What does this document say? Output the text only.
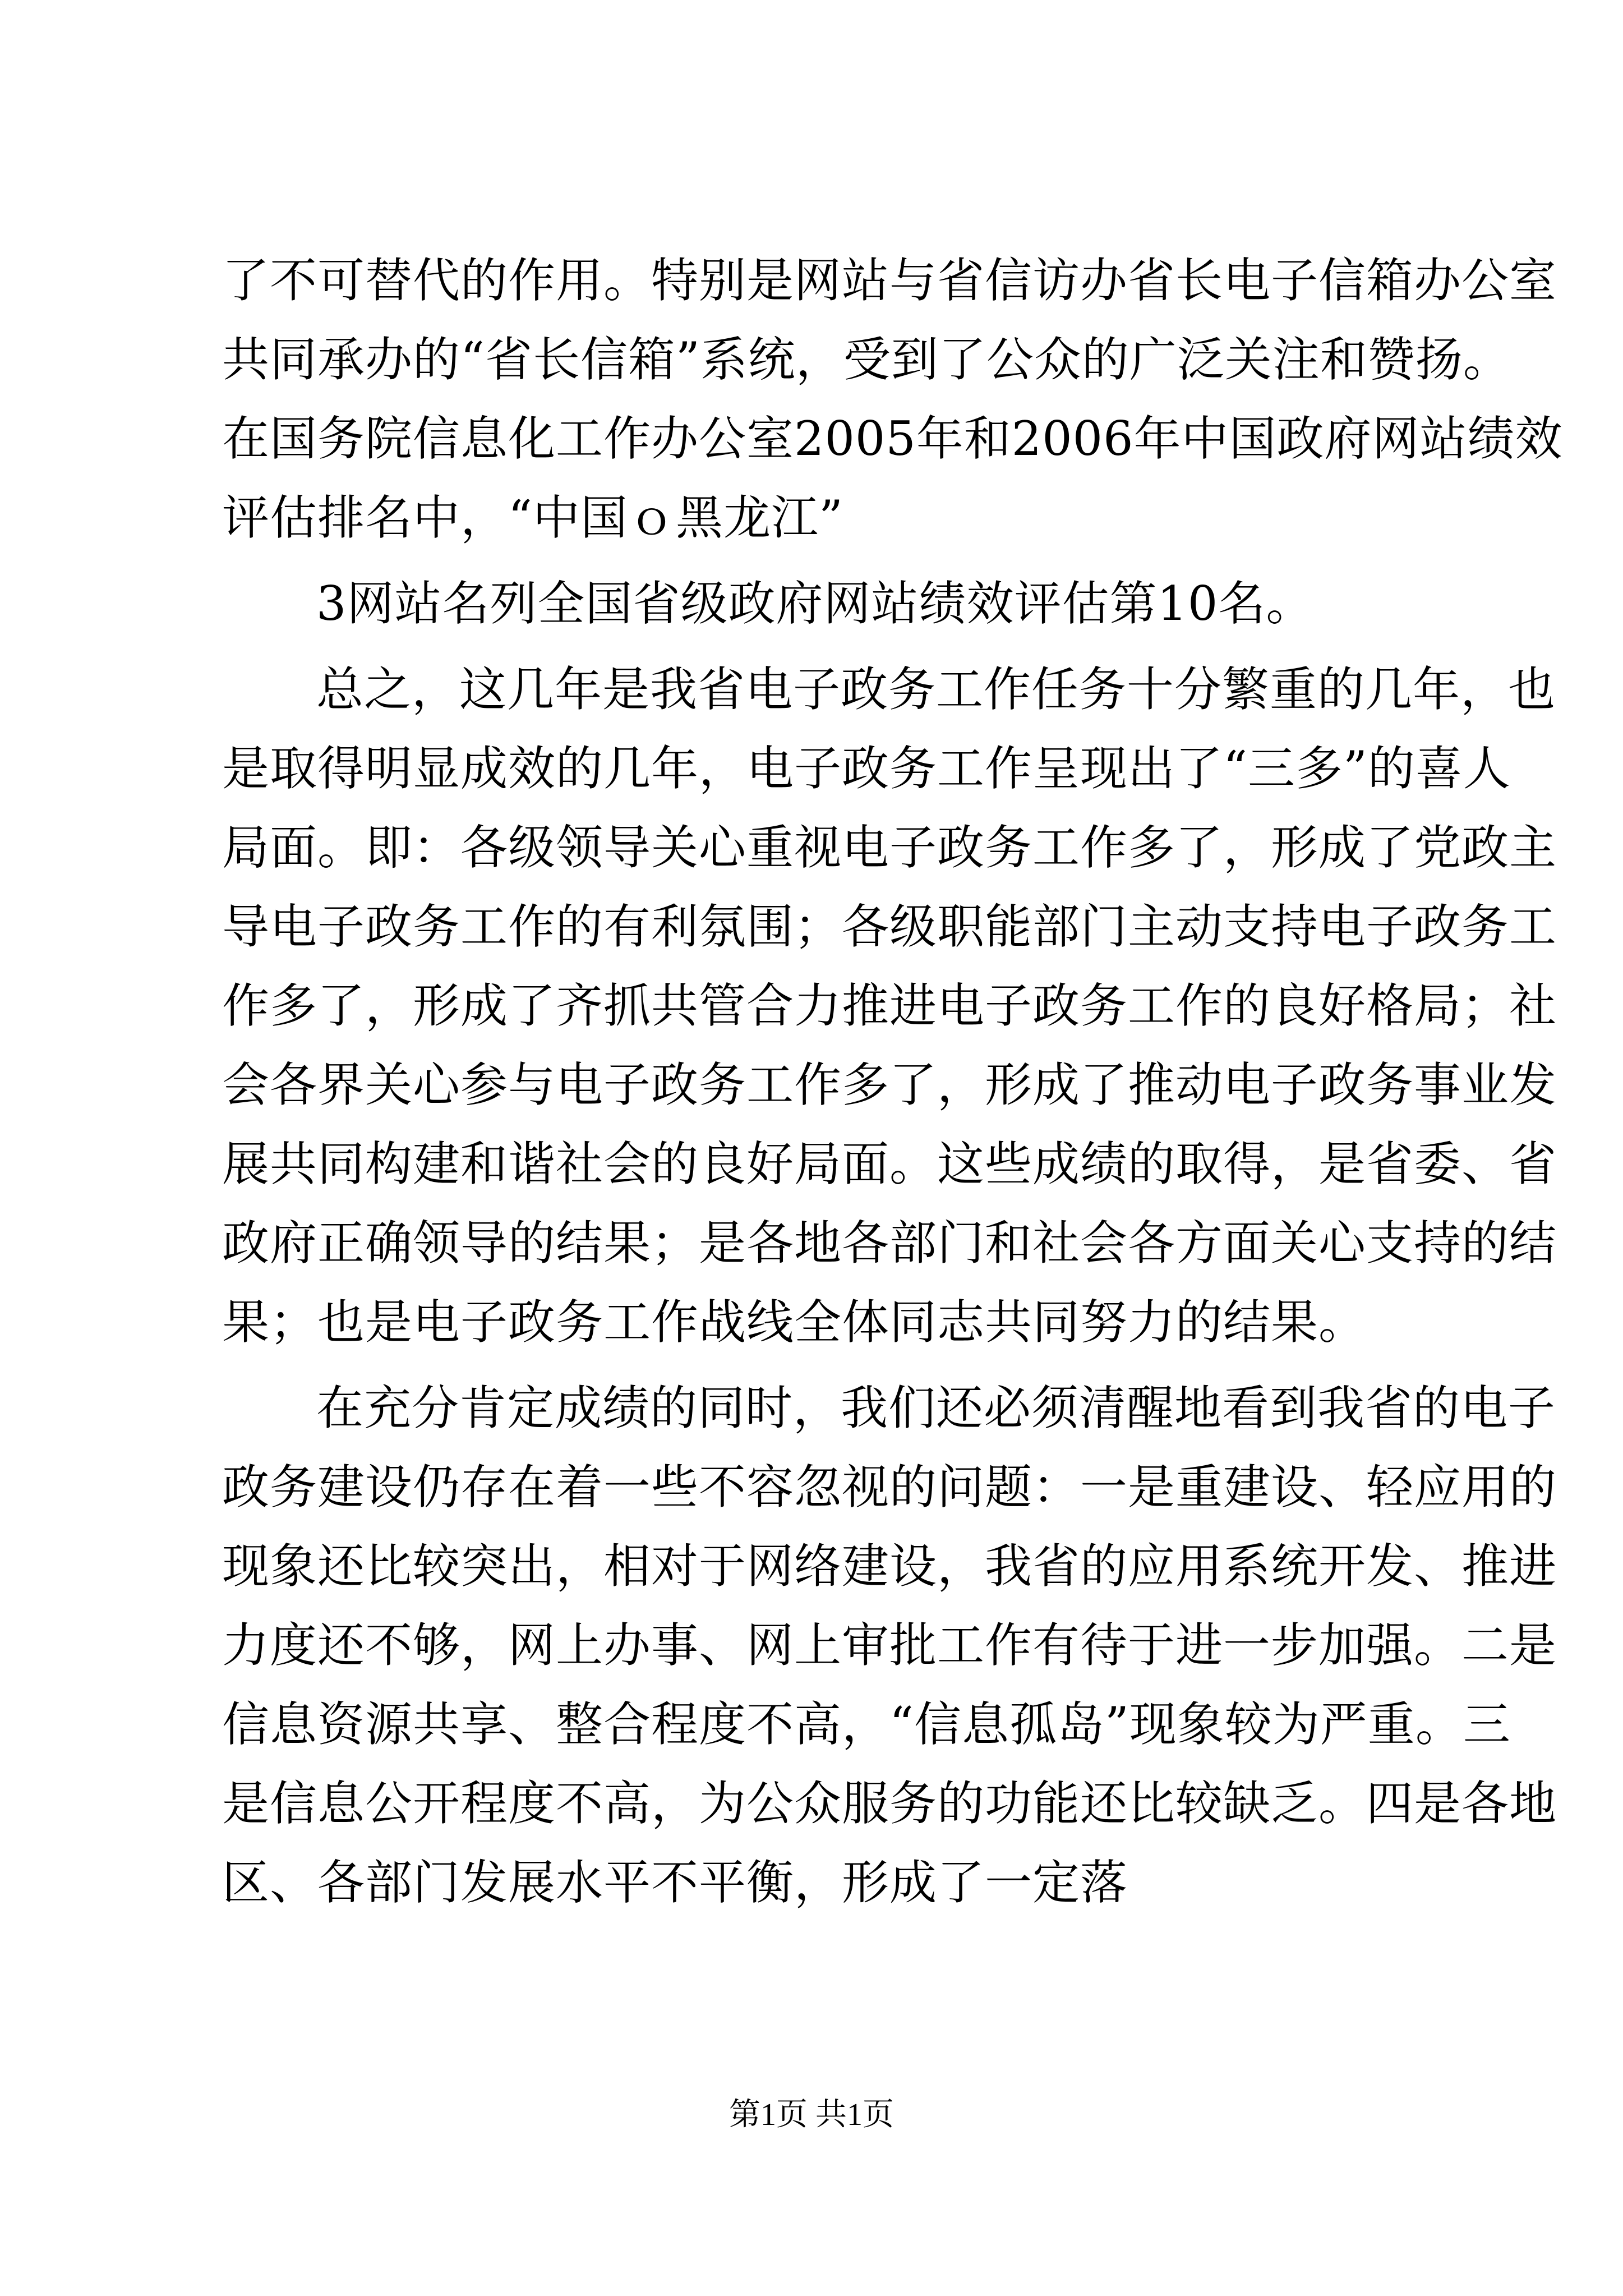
了不可替代的作用。特别是网站与省信访办省长电子信箱办公室
共同承办的“省长信箱”系统，受到了公众的广泛关注和赞扬。
在国务院信息化工作办公室2005年和2006年中国政府网站绩效
评估排名中，“中国ｏ黑龙江”
3网站名列全国省级政府网站绩效评估第10名。
总之，这几年是我省电子政务工作任务十分繁重的几年，也
是取得明显成效的几年，电子政务工作呈现出了“三多”的喜人
局面。即：各级领导关心重视电子政务工作多了，形成了党政主
导电子政务工作的有利氛围；各级职能部门主动支持电子政务工
作多了，形成了齐抓共管合力推进电子政务工作的良好格局；社
会各界关心参与电子政务工作多了，形成了推动电子政务事业发
展共同构建和谐社会的良好局面。这些成绩的取得，是省委、省
政府正确领导的结果；是各地各部门和社会各方面关心支持的结
果；也是电子政务工作战线全体同志共同努力的结果。
在充分肯定成绩的同时，我们还必须清醒地看到我省的电子
政务建设仍存在着一些不容忽视的问题：一是重建设、轻应用的
现象还比较突出，相对于网络建设，我省的应用系统开发、推进
力度还不够，网上办事、网上审批工作有待于进一步加强。二是
信息资源共享、整合程度不高，“信息孤岛”现象较为严重。三
是信息公开程度不高，为公众服务的功能还比较缺乏。四是各地
区、各部门发展水平不平衡，形成了一定落
第1页 共1页
